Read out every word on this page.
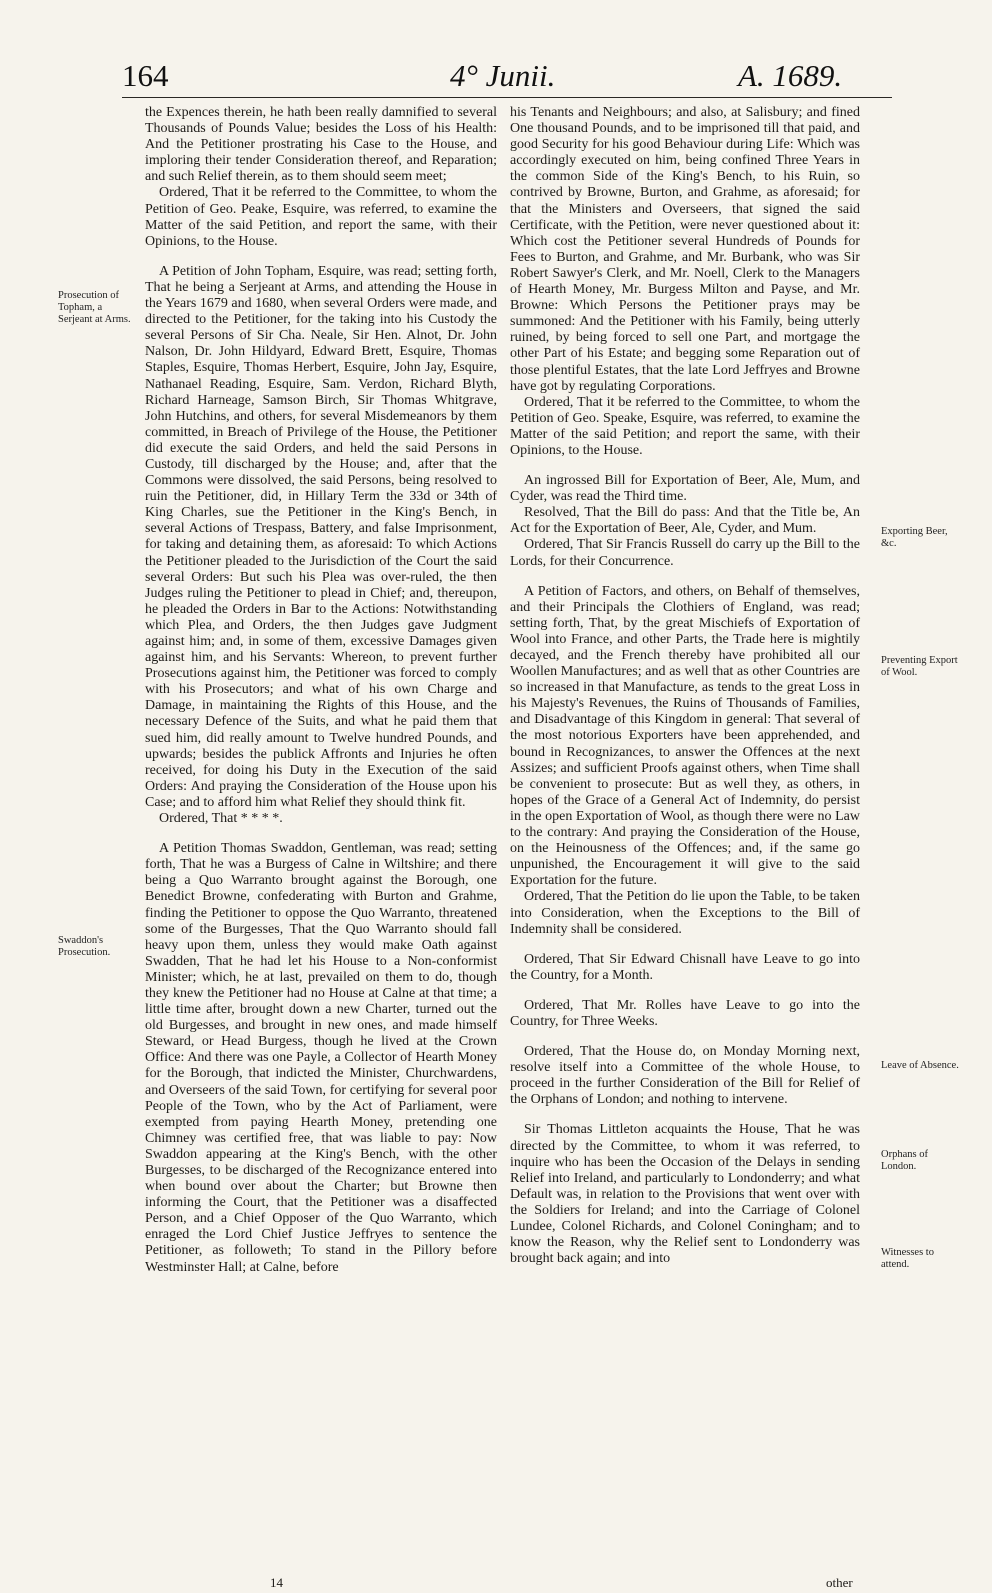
164	4° Junii.	A. 1689.
Prosecution of Topham, a Serjeant at Arms.
Swaddon's Prosecution.
Exporting Beer, &c.
Preventing Export of Wool.
Leave of Absence.
Orphans of London.
Witnesses to attend.

the Expences therein, he hath been really damnified to several Thousands of Pounds Value; besides the Loss of his Health: And the Petitioner prostrating his Case to the House, and imploring their tender Consideration thereof, and Reparation; and such Relief therein, as to them should seem meet;

Ordered, That it be referred to the Committee, to whom the Petition of Geo. Peake, Esquire, was referred, to examine the Matter of the said Petition, and report the same, with their Opinions, to the House.

A Petition of John Topham, Esquire, was read; setting forth, That he being a Serjeant at Arms, and attending the House in the Years 1679 and 1680, when several Orders were made, and directed to the Petitioner, for the taking into his Custody the several Persons of Sir Cha. Neale, Sir Hen. Alnot, Dr. John Nalson, Dr. John Hildyard, Edward Brett, Esquire, Thomas Staples, Esquire, Thomas Herbert, Esquire, John Jay, Esquire, Nathanael Reading, Esquire, Sam. Verdon, Richard Blyth, Richard Harneage, Samson Birch, Sir Thomas Whitgrave, John Hutchins, and others, for several Misdemeanors by them committed, in Breach of Privilege of the House, the Petitioner did execute the said Orders, and held the said Persons in Custody, till discharged by the House; and, after that the Commons were dissolved, the said Persons, being resolved to ruin the Petitioner, did, in Hillary Term the 33d or 34th of King Charles, sue the Petitioner in the King's Bench, in several Actions of Trespass, Battery, and false Imprisonment, for taking and detaining them, as aforesaid: To which Actions the Petitioner pleaded to the Jurisdiction of the Court the said several Orders: But such his Plea was over-ruled, the then Judges ruling the Petitioner to plead in Chief; and, thereupon, he pleaded the Orders in Bar to the Actions: Notwithstanding which Plea, and Orders, the then Judges gave Judgment against him; and, in some of them, excessive Damages given against him, and his Servants: Whereon, to prevent further Prosecutions against him, the Petitioner was forced to comply with his Prosecutors; and what of his own Charge and Damage, in maintaining the Rights of this House, and the necessary Defence of the Suits, and what he paid them that sued him, did really amount to Twelve hundred Pounds, and upwards; besides the publick Affronts and Injuries he often received, for doing his Duty in the Execution of the said Orders: And praying the Consideration of the House upon his Case; and to afford him what Relief they should think fit.

Ordered, That * * * *.

A Petition Thomas Swaddon, Gentleman, was read; setting forth, That he was a Burgess of Calne in Wiltshire; and there being a Quo Warranto brought against the Borough, one Benedict Browne, confederating with Burton and Grahme, finding the Petitioner to oppose the Quo Warranto, threatened some of the Burgesses, That the Quo Warranto should fall heavy upon them, unless they would make Oath against Swadden, That he had let his House to a Non-conformist Minister; which, he at last, prevailed on them to do, though they knew the Petitioner had no House at Calne at that time; a little time after, brought down a new Charter, turned out the old Burgesses, and brought in new ones, and made himself Steward, or Head Burgess, though he lived at the Crown Office: And there was one Payle, a Collector of Hearth Money for the Borough, that indicted the Minister, Churchwardens, and Overseers of the said Town, for certifying for several poor People of the Town, who by the Act of Parliament, were exempted from paying Hearth Money, pretending one Chimney was certified free, that was liable to pay: Now Swaddon appearing at the King's Bench, with the other Burgesses, to be discharged of the Recognizance entered into when bound over about the Charter; but Browne then informing the Court, that the Petitioner was a disaffected Person, and a Chief Opposer of the Quo Warranto, which enraged the Lord Chief Justice Jeffryes to sentence the Petitioner, as followeth; To stand in the Pillory before Westminster Hall; at Calne, before

his Tenants and Neighbours; and also, at Salisbury; and fined One thousand Pounds, and to be imprisoned till that paid, and good Security for his good Behaviour during Life: Which was accordingly executed on him, being confined Three Years in the common Side of the King's Bench, to his Ruin, so contrived by Browne, Burton, and Grahme, as aforesaid; for that the Ministers and Overseers, that signed the said Certificate, with the Petition, were never questioned about it: Which cost the Petitioner several Hundreds of Pounds for Fees to Burton, and Grahme, and Mr. Burbank, who was Sir Robert Sawyer's Clerk, and Mr. Noell, Clerk to the Managers of Hearth Money, Mr. Burgess Milton and Payse, and Mr. Browne: Which Persons the Petitioner prays may be summoned: And the Petitioner with his Family, being utterly ruined, by being forced to sell one Part, and mortgage the other Part of his Estate; and begging some Reparation out of those plentiful Estates, that the late Lord Jeffryes and Browne have got by regulating Corporations.

Ordered, That it be referred to the Committee, to whom the Petition of Geo. Speake, Esquire, was referred, to examine the Matter of the said Petition; and report the same, with their Opinions, to the House.

An ingrossed Bill for Exportation of Beer, Ale, Mum, and Cyder, was read the Third time.

Resolved, That the Bill do pass: And that the Title be, An Act for the Exportation of Beer, Ale, Cyder, and Mum.

Ordered, That Sir Francis Russell do carry up the Bill to the Lords, for their Concurrence.

A Petition of Factors, and others, on Behalf of themselves, and their Principals the Clothiers of England, was read; setting forth, That, by the great Mischiefs of Exportation of Wool into France, and other Parts, the Trade here is mightily decayed, and the French thereby have prohibited all our Woollen Manufactures; and as well that as other Countries are so increased in that Manufacture, as tends to the great Loss in his Majesty's Revenues, the Ruins of Thousands of Families, and Disadvantage of this Kingdom in general: That several of the most notorious Exporters have been apprehended, and bound in Recognizances, to answer the Offences at the next Assizes; and sufficient Proofs against others, when Time shall be convenient to prosecute: But as well they, as others, in hopes of the Grace of a General Act of Indemnity, do persist in the open Exportation of Wool, as though there were no Law to the contrary: And praying the Consideration of the House, on the Heinousness of the Offences; and, if the same go unpunished, the Encouragement it will give to the said Exportation for the future.

Ordered, That the Petition do lie upon the Table, to be taken into Consideration, when the Exceptions to the Bill of Indemnity shall be considered.

Ordered, That Sir Edward Chisnall have Leave to go into the Country, for a Month.

Ordered, That Mr. Rolles have Leave to go into the Country, for Three Weeks.

Ordered, That the House do, on Monday Morning next, resolve itself into a Committee of the whole House, to proceed in the further Consideration of the Bill for Relief of the Orphans of London; and nothing to intervene.

Sir Thomas Littleton acquaints the House, That he was directed by the Committee, to whom it was referred, to inquire who has been the Occasion of the Delays in sending Relief into Ireland, and particularly to Londonderry; and what Default was, in relation to the Provisions that went over with the Soldiers for Ireland; and into the Carriage of Colonel Lundee, Colonel Richards, and Colonel Coningham; and to know the Reason, why the Relief sent to Londonderry was brought back again; and into

14	other
